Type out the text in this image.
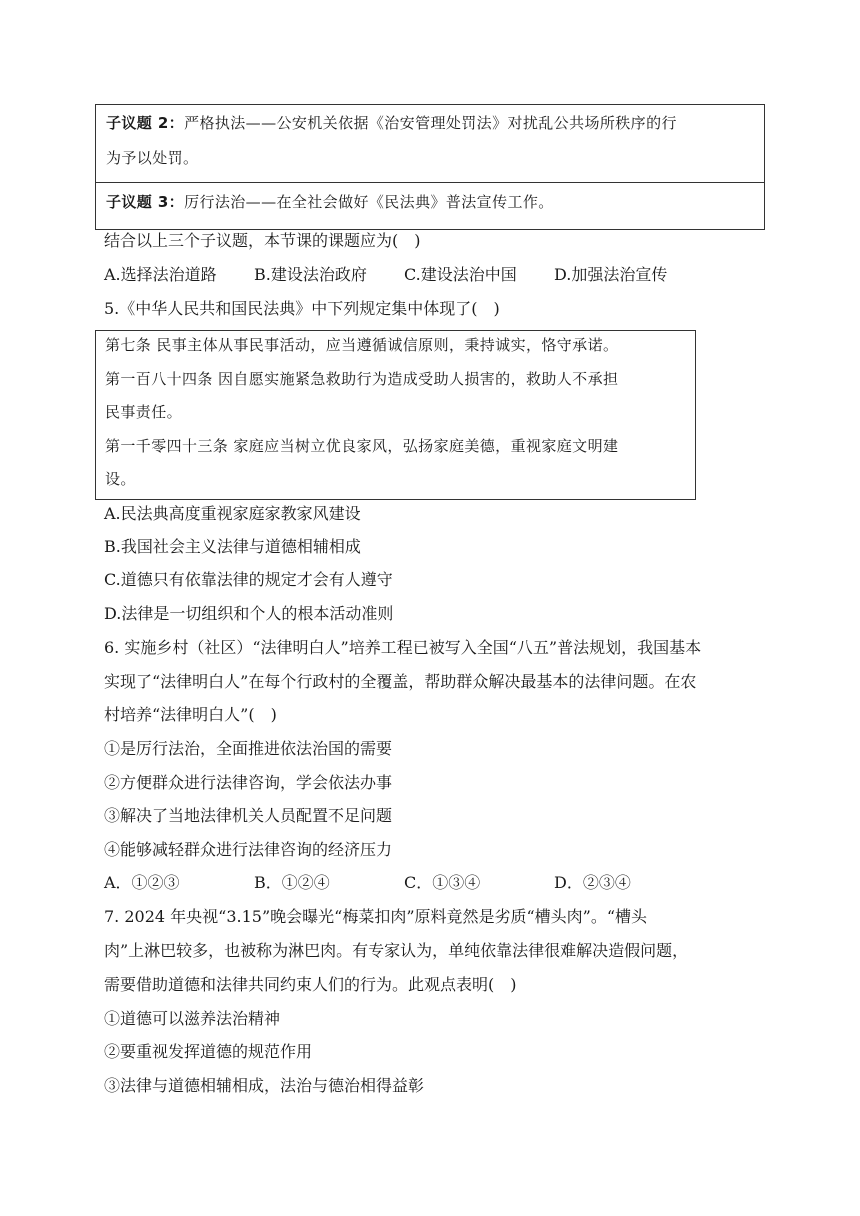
子议题 2：严格执法——公安机关依据《治安管理处罚法》对扰乱公共场所秩序的行
为予以处罚。
子议题 3：厉行法治——在全社会做好《民法典》普法宣传工作。
结合以上三个子议题，本节课的课题应为(　)
A.选择法治道路 B.建设法治政府 C.建设法治中国 D.加强法治宣传
5.《中华人民共和国民法典》中下列规定集中体现了(　)
第七条 民事主体从事民事活动，应当遵循诚信原则，秉持诚实，恪守承诺。
第一百八十四条 因自愿实施紧急救助行为造成受助人损害的，救助人不承担
民事责任。
第一千零四十三条 家庭应当树立优良家风，弘扬家庭美德，重视家庭文明建
设。
A.民法典高度重视家庭家教家风建设
B.我国社会主义法律与道德相辅相成
C.道德只有依靠法律的规定才会有人遵守
D.法律是一切组织和个人的根本活动准则
6. 实施乡村（社区）“法律明白人”培养工程已被写入全国“八五”普法规划，我国基本
实现了“法律明白人”在每个行政村的全覆盖，帮助群众解决最基本的法律问题。在农
村培养“法律明白人”(　)
①是厉行法治，全面推进依法治国的需要
②方便群众进行法律咨询，学会依法办事
③解决了当地法律机关人员配置不足问题
④能够减轻群众进行法律咨询的经济压力
A．①②③	B．①②④	C．①③④	D．②③④
7. 2024 年央视“3.15”晚会曝光“梅菜扣肉”原料竟然是劣质“槽头肉”。“槽头
肉”上淋巴较多，也被称为淋巴肉。有专家认为，单纯依靠法律很难解决造假问题，
需要借助道德和法律共同约束人们的行为。此观点表明(　)
①道德可以滋养法治精神
②要重视发挥道德的规范作用
③法律与道德相辅相成，法治与德治相得益彰
